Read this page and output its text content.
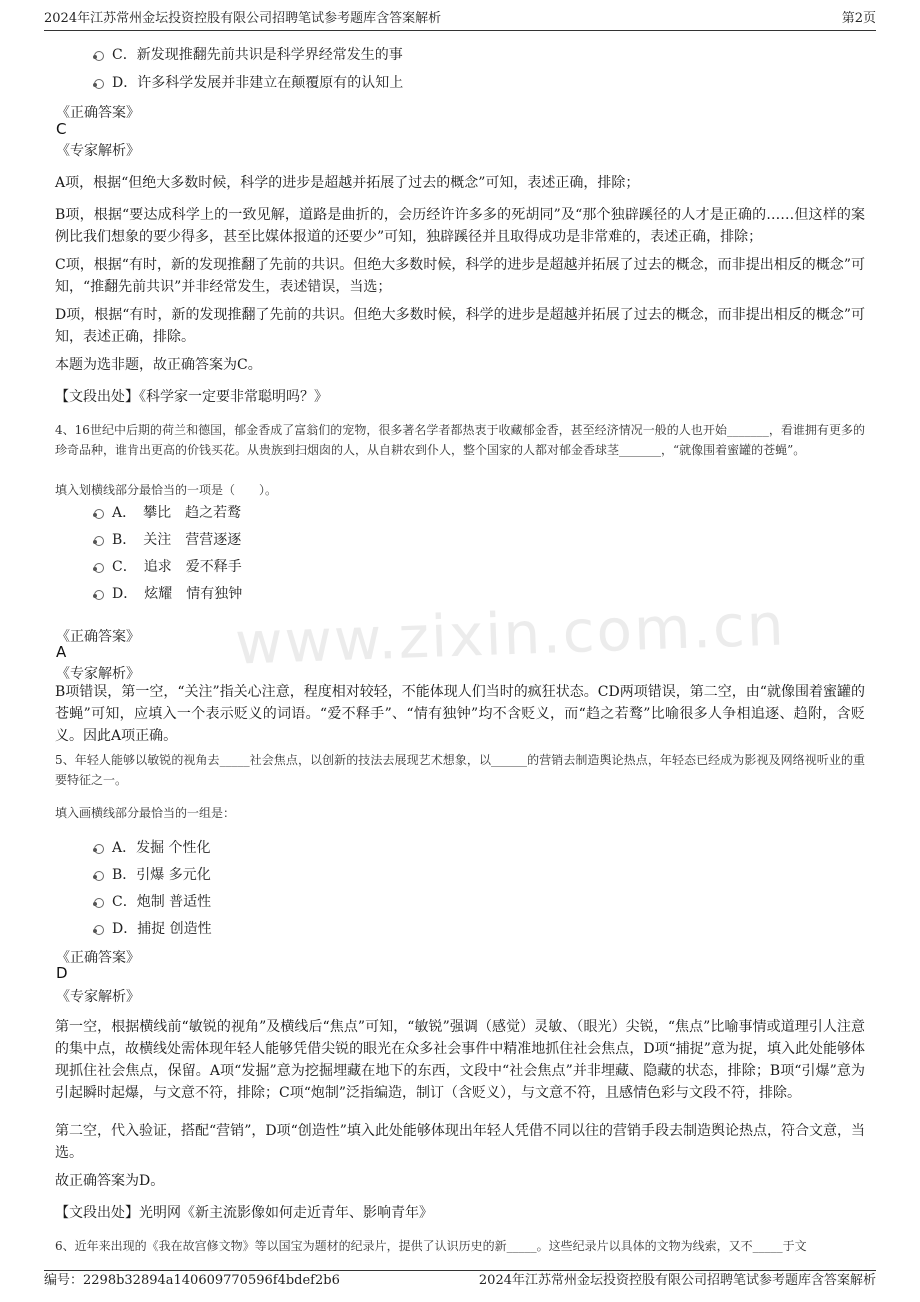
2024年江苏常州金坛投资控股有限公司招聘笔试参考题库含答案解析	第2页
www.zixin.com.cn
C．新发现推翻先前共识是科学界经常发生的事
D．许多科学发展并非建立在颠覆原有的认知上
《正确答案》
C
《专家解析》
A项，根据“但绝大多数时候，科学的进步是超越并拓展了过去的概念”可知，表述正确，排除；
B项，根据“要达成科学上的一致见解，道路是曲折的，会历经许许多多的死胡同”及“那个独辟蹊径的人才是正确的……但这样的案例比我们想象的要少得多，甚至比媒体报道的还要少”可知，独辟蹊径并且取得成功是非常难的，表述正确，排除；
C项，根据“有时，新的发现推翻了先前的共识。但绝大多数时候，科学的进步是超越并拓展了过去的概念，而非提出相反的概念”可知，“推翻先前共识”并非经常发生，表述错误，当选；
D项，根据“有时，新的发现推翻了先前的共识。但绝大多数时候，科学的进步是超越并拓展了过去的概念，而非提出相反的概念”可知，表述正确，排除。
本题为选非题，故正确答案为C。
【文段出处】《科学家一定要非常聪明吗？》
4、16世纪中后期的荷兰和德国，郁金香成了富翁们的宠物，很多著名学者都热衷于收藏郁金香，甚至经济情况一般的人也开始_______，看谁拥有更多的珍奇品种，谁肯出更高的价钱买花。从贵族到扫烟囱的人，从自耕农到仆人，整个国家的人都对郁金香球茎_______，“就像围着蜜罐的苍蝇”。
填入划横线部分最恰当的一项是（　　）。
A．　攀比　趋之若鹜
B．　关注　营营逐逐
C．　追求　爱不释手
D．　炫耀　情有独钟
《正确答案》
A
《专家解析》
B项错误，第一空，“关注”指关心注意，程度相对较轻，不能体现人们当时的疯狂状态。CD两项错误，第二空，由“就像围着蜜罐的苍蝇”可知，应填入一个表示贬义的词语。“爱不释手”、“情有独钟”均不含贬义，而“趋之若鹜”比喻很多人争相追逐、趋附，含贬义。因此A项正确。
5、年轻人能够以敏锐的视角去_____社会焦点，以创新的技法去展现艺术想象，以______的营销去制造舆论热点，年轻态已经成为影视及网络视听业的重要特征之一。
填入画横线部分最恰当的一组是：
A．发掘 个性化
B．引爆 多元化
C．炮制 普适性
D．捕捉 创造性
《正确答案》
D
《专家解析》
第一空，根据横线前“敏锐的视角”及横线后“焦点”可知，“敏锐”强调（感觉）灵敏、（眼光）尖锐，“焦点”比喻事情或道理引人注意的集中点，故横线处需体现年轻人能够凭借尖锐的眼光在众多社会事件中精准地抓住社会焦点，D项“捕捉”意为捉，填入此处能够体现抓住社会焦点，保留。A项“发掘”意为挖掘埋藏在地下的东西，文段中“社会焦点”并非埋藏、隐藏的状态，排除；B项“引爆”意为引起瞬时起爆，与文意不符，排除；C项“炮制”泛指编造，制订（含贬义），与文意不符，且感情色彩与文段不符，排除。
第二空，代入验证，搭配“营销”，D项“创造性”填入此处能够体现出年轻人凭借不同以往的营销手段去制造舆论热点，符合文意，当选。
故正确答案为D。
【文段出处】光明网《新主流影像如何走近青年、影响青年》
6、近年来出现的《我在故宫修文物》等以国宝为题材的纪录片，提供了认识历史的新_____。这些纪录片以具体的文物为线索，又不_____于文
编号：2298b32894a140609770596f4bdef2b6	2024年江苏常州金坛投资控股有限公司招聘笔试参考题库含答案解析
